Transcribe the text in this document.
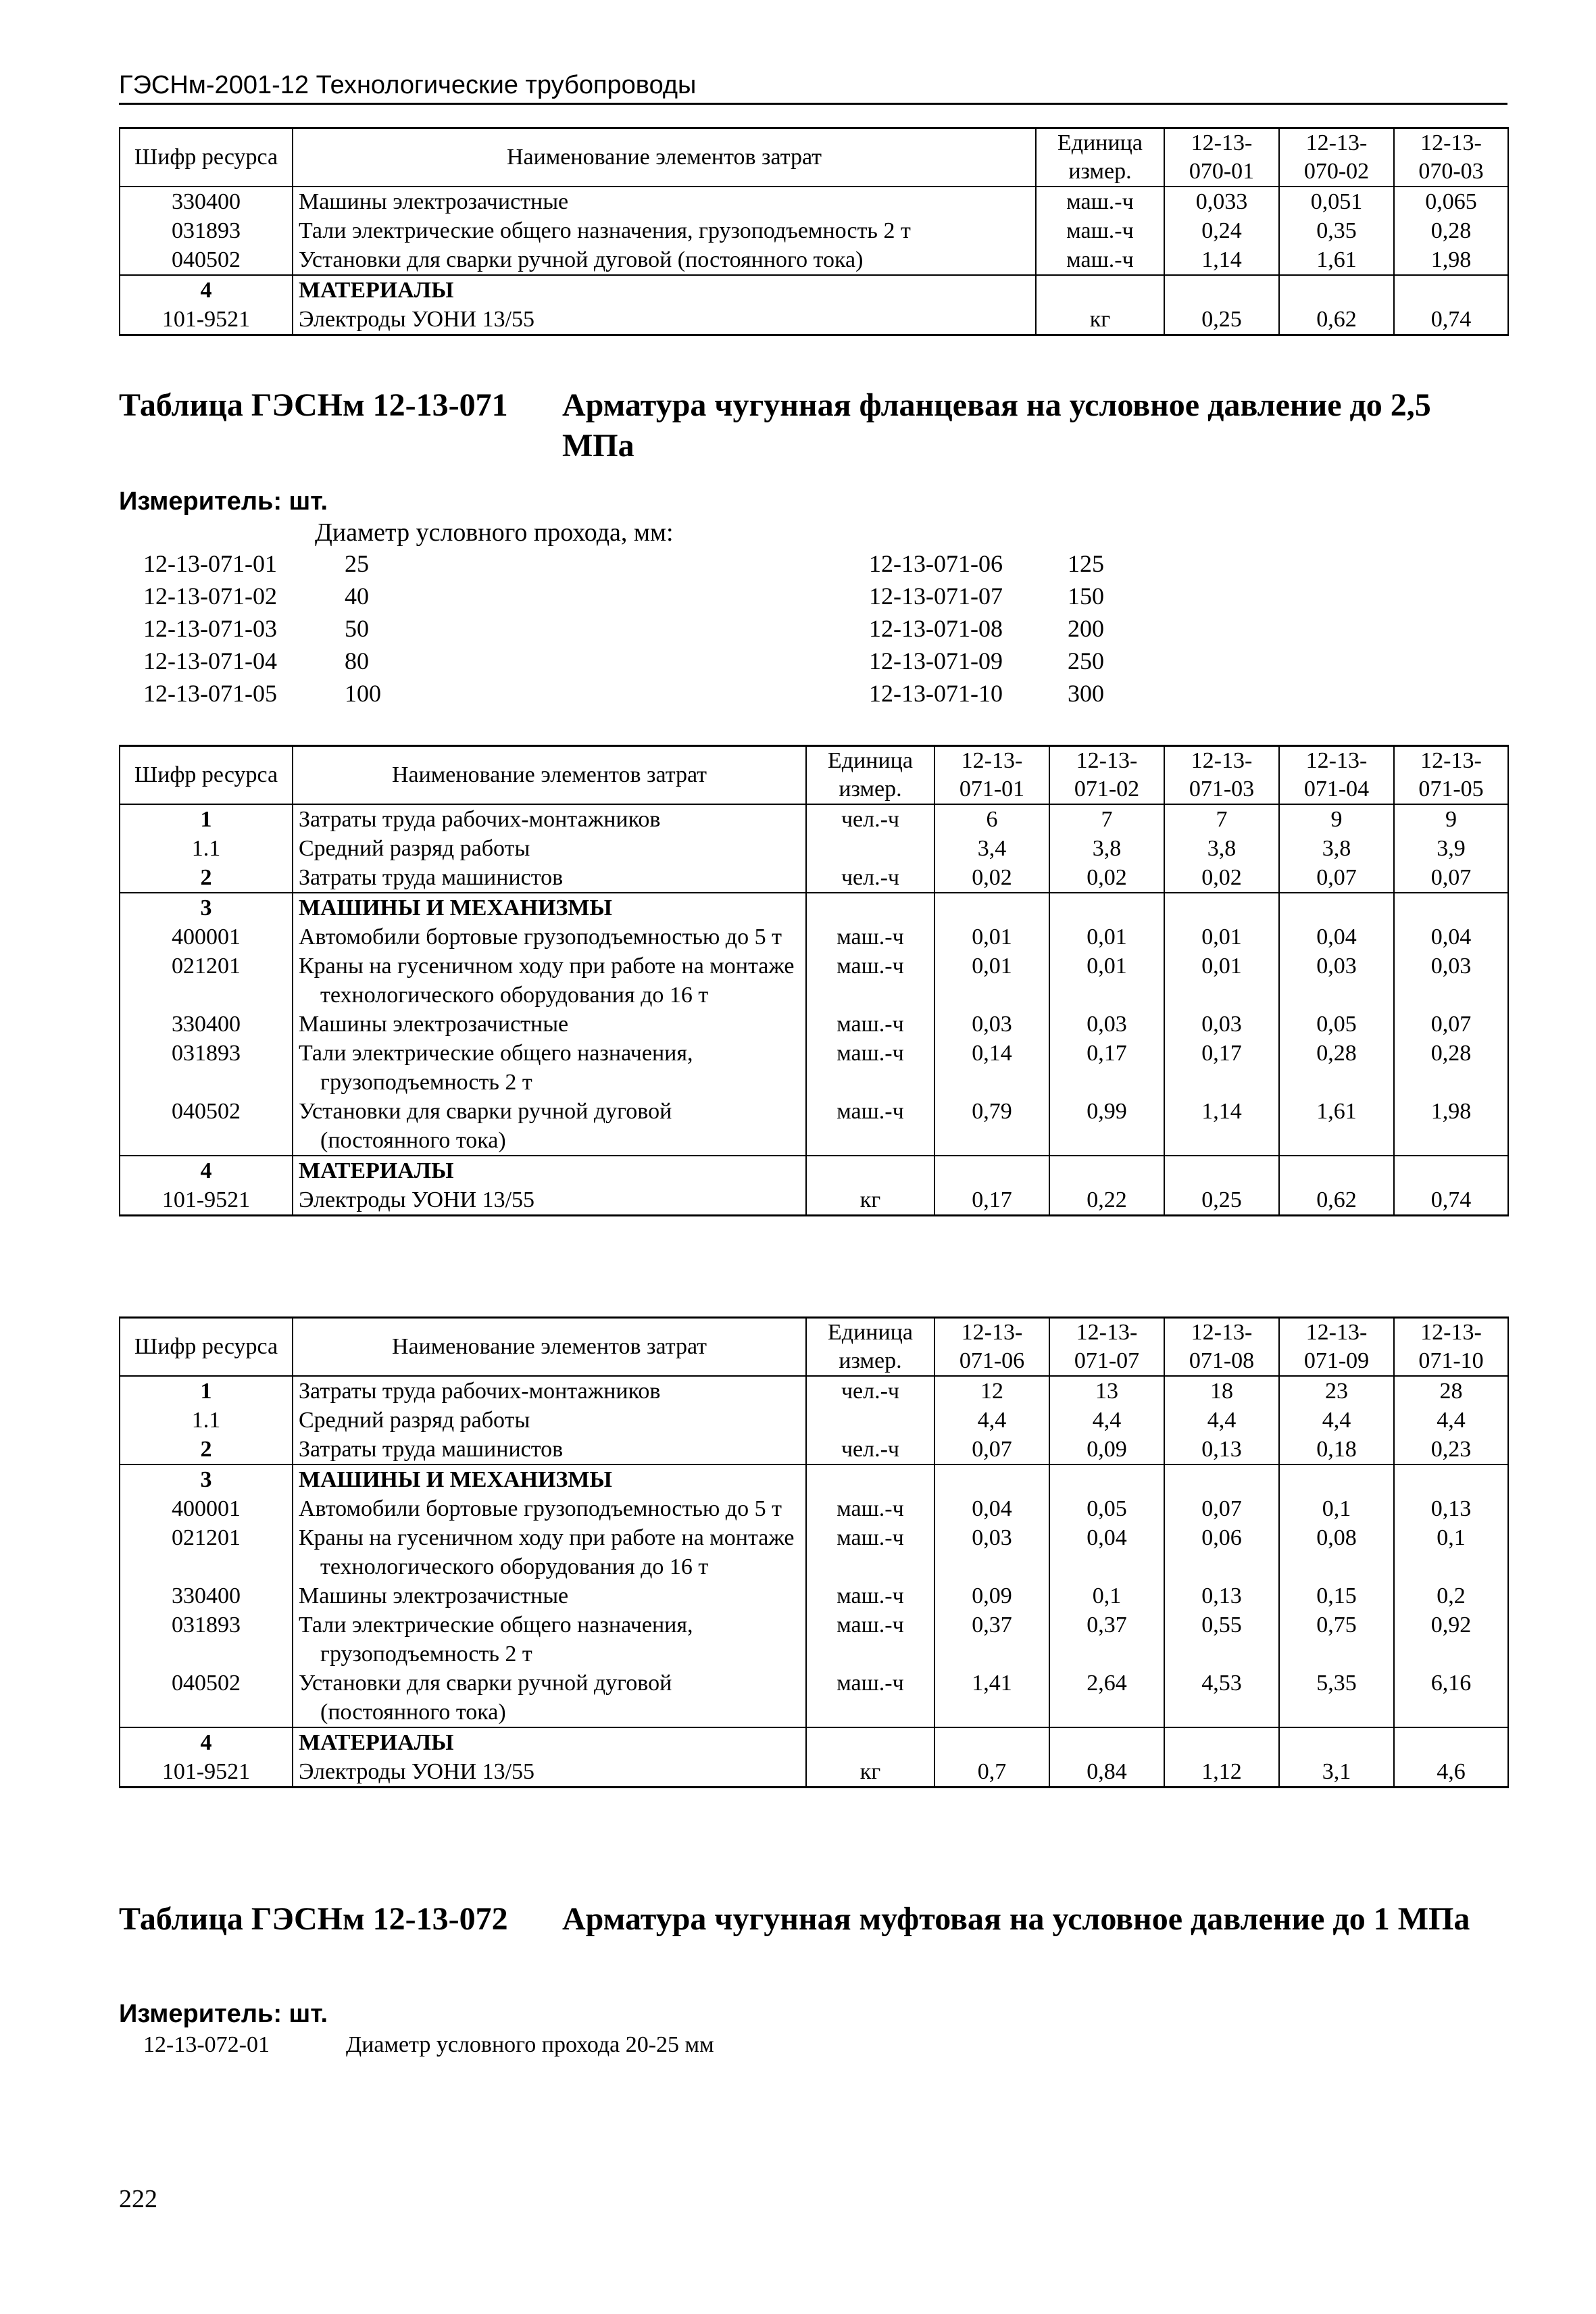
ГЭСНм-2001-12 Технологические трубопроводы
Шифр ресурса	Наименование элементов затрат	Единица измер.	12-13-070-01	12-13-070-02	12-13-070-03
330400	Машины электрозачистные	маш.-ч	0,033	0,051	0,065
031893	Тали электрические общего назначения, грузоподъемность 2 т	маш.-ч	0,24	0,35	0,28
040502	Установки для сварки ручной дуговой (постоянного тока)	маш.-ч	1,14	1,61	1,98
4	МАТЕРИАЛЫ				
101-9521	Электроды УОНИ 13/55	кг	0,25	0,62	0,74
Таблица ГЭСНм 12-13-071	Арматура чугунная фланцевая на условное давление до 2,5 МПа
Измеритель: шт.
Диаметр условного прохода, мм:
12-13-071-01	25
12-13-071-02	40
12-13-071-03	50
12-13-071-04	80
12-13-071-05	100
12-13-071-06	125
12-13-071-07	150
12-13-071-08	200
12-13-071-09	250
12-13-071-10	300
Шифр ресурса	Наименование элементов затрат	Единица измер.	12-13-071-01	12-13-071-02	12-13-071-03	12-13-071-04	12-13-071-05
1	Затраты труда рабочих-монтажников	чел.-ч	6	7	7	9	9
1.1	Средний разряд работы		3,4	3,8	3,8	3,8	3,9
2	Затраты труда машинистов	чел.-ч	0,02	0,02	0,02	0,07	0,07
3	МАШИНЫ И МЕХАНИЗМЫ						
400001	Автомобили бортовые грузоподъемностью до 5 т	маш.-ч	0,01	0,01	0,01	0,04	0,04
021201	Краны на гусеничном ходу при работе на монтаже технологического оборудования до 16 т	маш.-ч	0,01	0,01	0,01	0,03	0,03
330400	Машины электрозачистные	маш.-ч	0,03	0,03	0,03	0,05	0,07
031893	Тали электрические общего назначения, грузоподъемность 2 т	маш.-ч	0,14	0,17	0,17	0,28	0,28
040502	Установки для сварки ручной дуговой (постоянного тока)	маш.-ч	0,79	0,99	1,14	1,61	1,98
4	МАТЕРИАЛЫ						
101-9521	Электроды УОНИ 13/55	кг	0,17	0,22	0,25	0,62	0,74
Шифр ресурса	Наименование элементов затрат	Единица измер.	12-13-071-06	12-13-071-07	12-13-071-08	12-13-071-09	12-13-071-10
1	Затраты труда рабочих-монтажников	чел.-ч	12	13	18	23	28
1.1	Средний разряд работы		4,4	4,4	4,4	4,4	4,4
2	Затраты труда машинистов	чел.-ч	0,07	0,09	0,13	0,18	0,23
3	МАШИНЫ И МЕХАНИЗМЫ						
400001	Автомобили бортовые грузоподъемностью до 5 т	маш.-ч	0,04	0,05	0,07	0,1	0,13
021201	Краны на гусеничном ходу при работе на монтаже технологического оборудования до 16 т	маш.-ч	0,03	0,04	0,06	0,08	0,1
330400	Машины электрозачистные	маш.-ч	0,09	0,1	0,13	0,15	0,2
031893	Тали электрические общего назначения, грузоподъемность 2 т	маш.-ч	0,37	0,37	0,55	0,75	0,92
040502	Установки для сварки ручной дуговой (постоянного тока)	маш.-ч	1,41	2,64	4,53	5,35	6,16
4	МАТЕРИАЛЫ						
101-9521	Электроды УОНИ 13/55	кг	0,7	0,84	1,12	3,1	4,6
Таблица ГЭСНм 12-13-072	Арматура чугунная муфтовая на условное давление до 1 МПа
Измеритель: шт.
12-13-072-01	Диаметр условного прохода 20-25 мм
222
